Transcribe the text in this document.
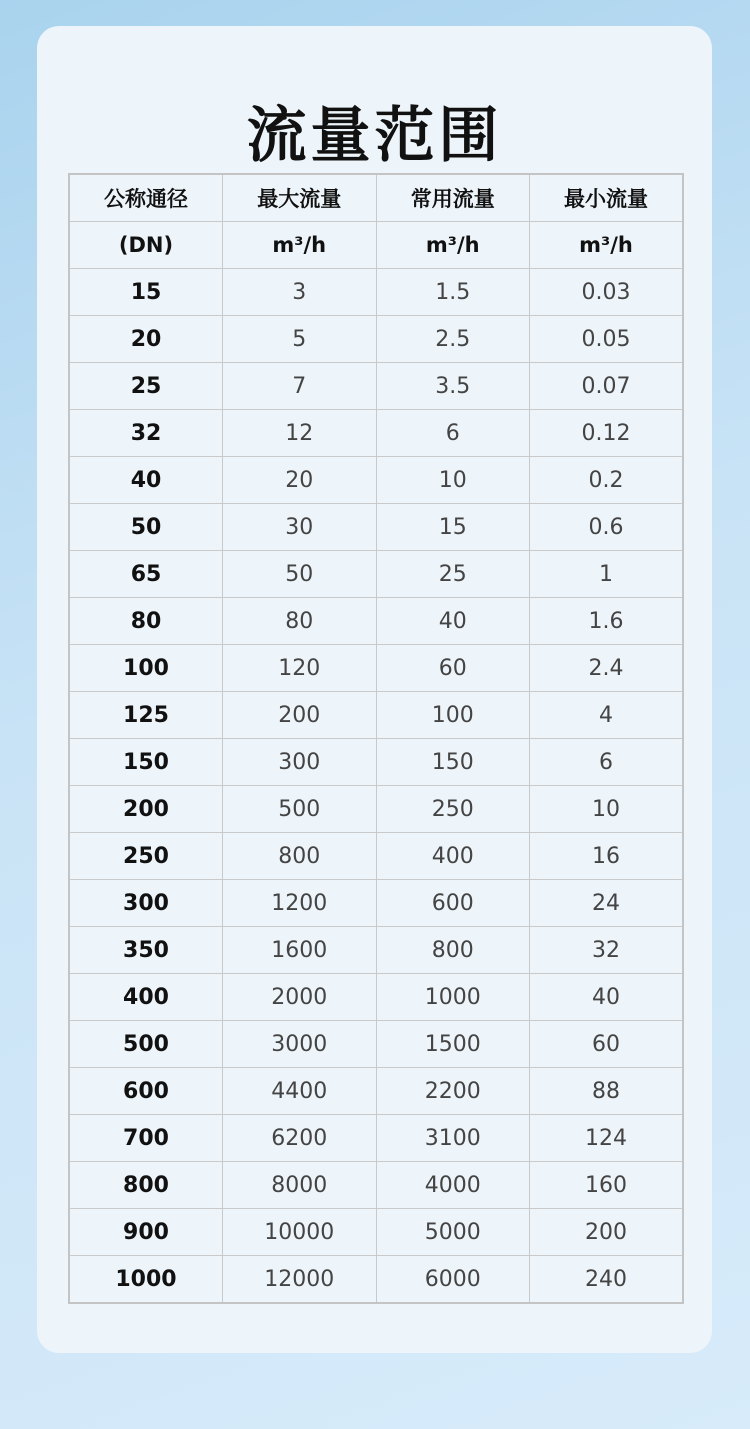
流量范围
公称通径	最大流量	常用流量	最小流量
(DN)	m³/h	m³/h	m³/h
15	3	1.5	0.03
20	5	2.5	0.05
25	7	3.5	0.07
32	12	6	0.12
40	20	10	0.2
50	30	15	0.6
65	50	25	1
80	80	40	1.6
100	120	60	2.4
125	200	100	4
150	300	150	6
200	500	250	10
250	800	400	16
300	1200	600	24
350	1600	800	32
400	2000	1000	40
500	3000	1500	60
600	4400	2200	88
700	6200	3100	124
800	8000	4000	160
900	10000	5000	200
1000	12000	6000	240
